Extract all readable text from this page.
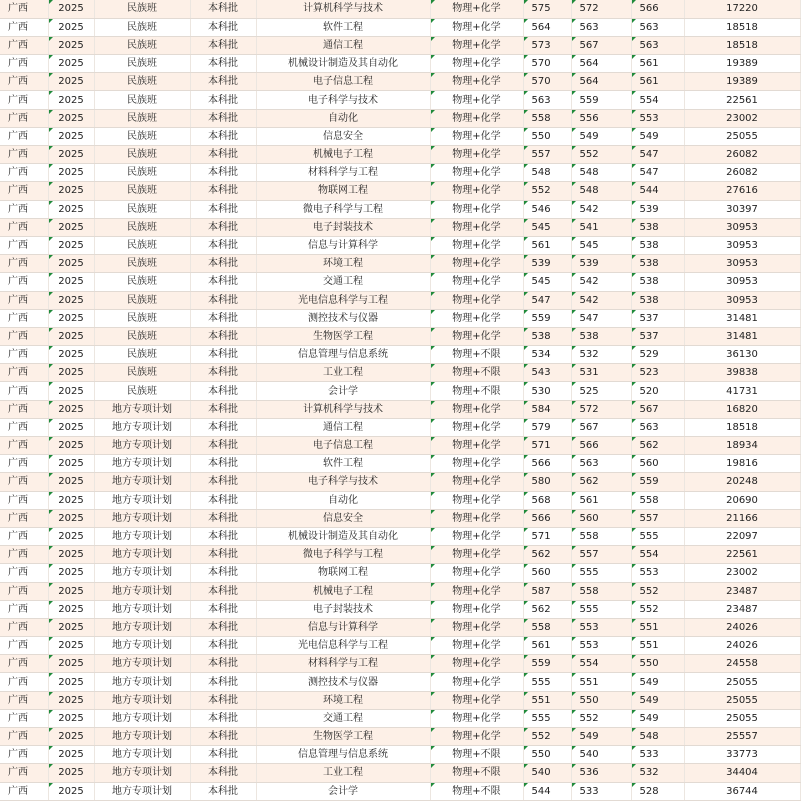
广西	2025	民族班	本科批	计算机科学与技术	物理+化学	575	572	566	17220
广西	2025	民族班	本科批	软件工程	物理+化学	564	563	563	18518
广西	2025	民族班	本科批	通信工程	物理+化学	573	567	563	18518
广西	2025	民族班	本科批	机械设计制造及其自动化	物理+化学	570	564	561	19389
广西	2025	民族班	本科批	电子信息工程	物理+化学	570	564	561	19389
广西	2025	民族班	本科批	电子科学与技术	物理+化学	563	559	554	22561
广西	2025	民族班	本科批	自动化	物理+化学	558	556	553	23002
广西	2025	民族班	本科批	信息安全	物理+化学	550	549	549	25055
广西	2025	民族班	本科批	机械电子工程	物理+化学	557	552	547	26082
广西	2025	民族班	本科批	材料科学与工程	物理+化学	548	548	547	26082
广西	2025	民族班	本科批	物联网工程	物理+化学	552	548	544	27616
广西	2025	民族班	本科批	微电子科学与工程	物理+化学	546	542	539	30397
广西	2025	民族班	本科批	电子封装技术	物理+化学	545	541	538	30953
广西	2025	民族班	本科批	信息与计算科学	物理+化学	561	545	538	30953
广西	2025	民族班	本科批	环境工程	物理+化学	539	539	538	30953
广西	2025	民族班	本科批	交通工程	物理+化学	545	542	538	30953
广西	2025	民族班	本科批	光电信息科学与工程	物理+化学	547	542	538	30953
广西	2025	民族班	本科批	测控技术与仪器	物理+化学	559	547	537	31481
广西	2025	民族班	本科批	生物医学工程	物理+化学	538	538	537	31481
广西	2025	民族班	本科批	信息管理与信息系统	物理+不限	534	532	529	36130
广西	2025	民族班	本科批	工业工程	物理+不限	543	531	523	39838
广西	2025	民族班	本科批	会计学	物理+不限	530	525	520	41731
广西	2025	地方专项计划	本科批	计算机科学与技术	物理+化学	584	572	567	16820
广西	2025	地方专项计划	本科批	通信工程	物理+化学	579	567	563	18518
广西	2025	地方专项计划	本科批	电子信息工程	物理+化学	571	566	562	18934
广西	2025	地方专项计划	本科批	软件工程	物理+化学	566	563	560	19816
广西	2025	地方专项计划	本科批	电子科学与技术	物理+化学	580	562	559	20248
广西	2025	地方专项计划	本科批	自动化	物理+化学	568	561	558	20690
广西	2025	地方专项计划	本科批	信息安全	物理+化学	566	560	557	21166
广西	2025	地方专项计划	本科批	机械设计制造及其自动化	物理+化学	571	558	555	22097
广西	2025	地方专项计划	本科批	微电子科学与工程	物理+化学	562	557	554	22561
广西	2025	地方专项计划	本科批	物联网工程	物理+化学	560	555	553	23002
广西	2025	地方专项计划	本科批	机械电子工程	物理+化学	587	558	552	23487
广西	2025	地方专项计划	本科批	电子封装技术	物理+化学	562	555	552	23487
广西	2025	地方专项计划	本科批	信息与计算科学	物理+化学	558	553	551	24026
广西	2025	地方专项计划	本科批	光电信息科学与工程	物理+化学	561	553	551	24026
广西	2025	地方专项计划	本科批	材料科学与工程	物理+化学	559	554	550	24558
广西	2025	地方专项计划	本科批	测控技术与仪器	物理+化学	555	551	549	25055
广西	2025	地方专项计划	本科批	环境工程	物理+化学	551	550	549	25055
广西	2025	地方专项计划	本科批	交通工程	物理+化学	555	552	549	25055
广西	2025	地方专项计划	本科批	生物医学工程	物理+化学	552	549	548	25557
广西	2025	地方专项计划	本科批	信息管理与信息系统	物理+不限	550	540	533	33773
广西	2025	地方专项计划	本科批	工业工程	物理+不限	540	536	532	34404
广西	2025	地方专项计划	本科批	会计学	物理+不限	544	533	528	36744
